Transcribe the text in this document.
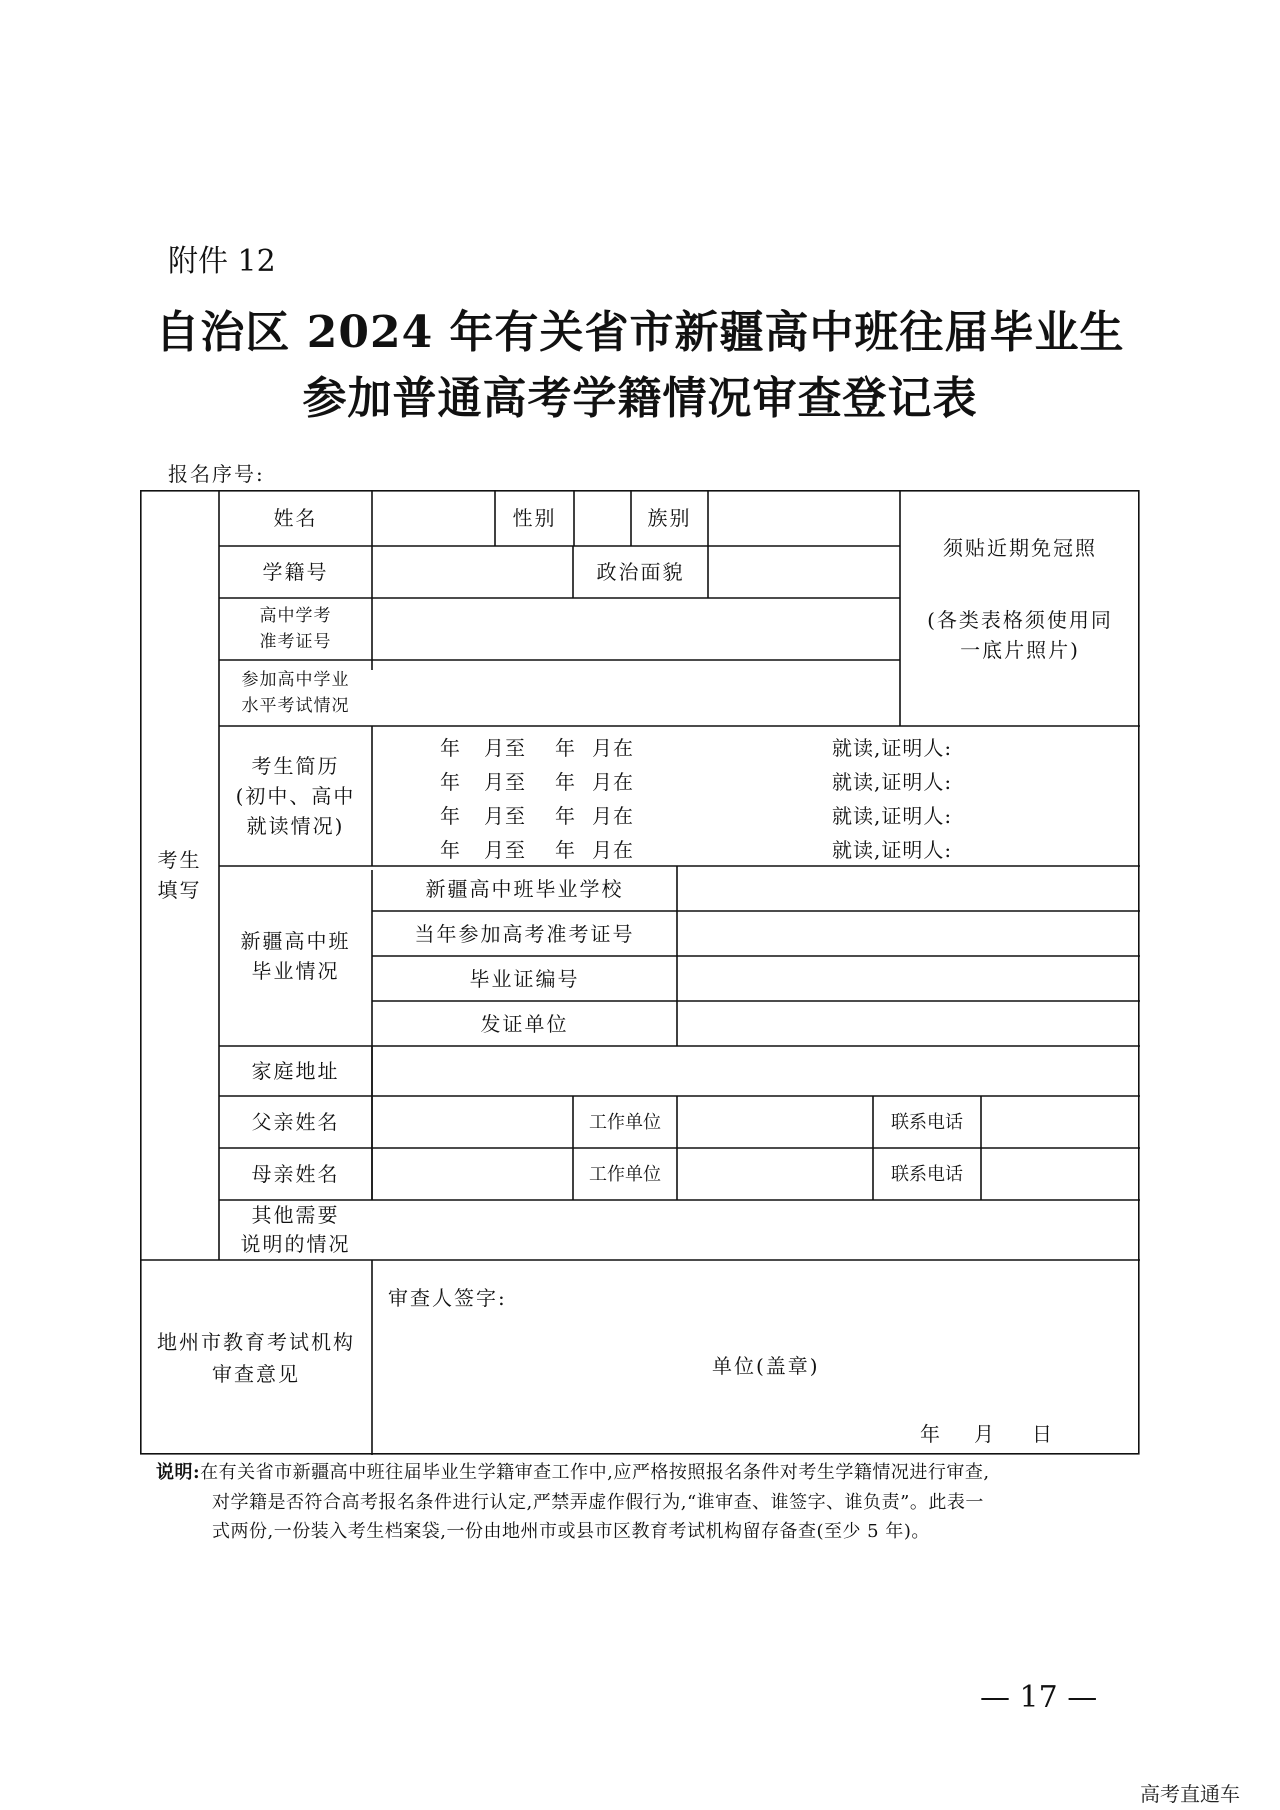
附件 12
自治区 2024 年有关省市新疆高中班往届毕业生
参加普通高考学籍情况审查登记表
报名序号:
考生
填写
姓名	性别	族别
须贴近期免冠照
(各类表格须使用同
一底片照片)
学籍号	政治面貌
高中学考
准考证号
参加高中学业
水平考试情况
考生简历
(初中、高中
就读情况)
年 月至 年 月在	就读,证明人:
年 月至 年 月在	就读,证明人:
年 月至 年 月在	就读,证明人:
年 月至 年 月在	就读,证明人:
新疆高中班
毕业情况
新疆高中班毕业学校
当年参加高考准考证号
毕业证编号
发证单位
家庭地址
父亲姓名	工作单位	联系电话
母亲姓名	工作单位	联系电话
其他需要
说明的情况
地州市教育考试机构
审查意见
审查人签字:
单位(盖章)
年 月 日
说明:在有关省市新疆高中班往届毕业生学籍审查工作中,应严格按照报名条件对考生学籍情况进行审查,
对学籍是否符合高考报名条件进行认定,严禁弄虚作假行为,“谁审查、谁签字、谁负责”。此表一
式两份,一份装入考生档案袋,一份由地州市或县市区教育考试机构留存备查(至少 5 年)。
— 17 —
高考直通车
